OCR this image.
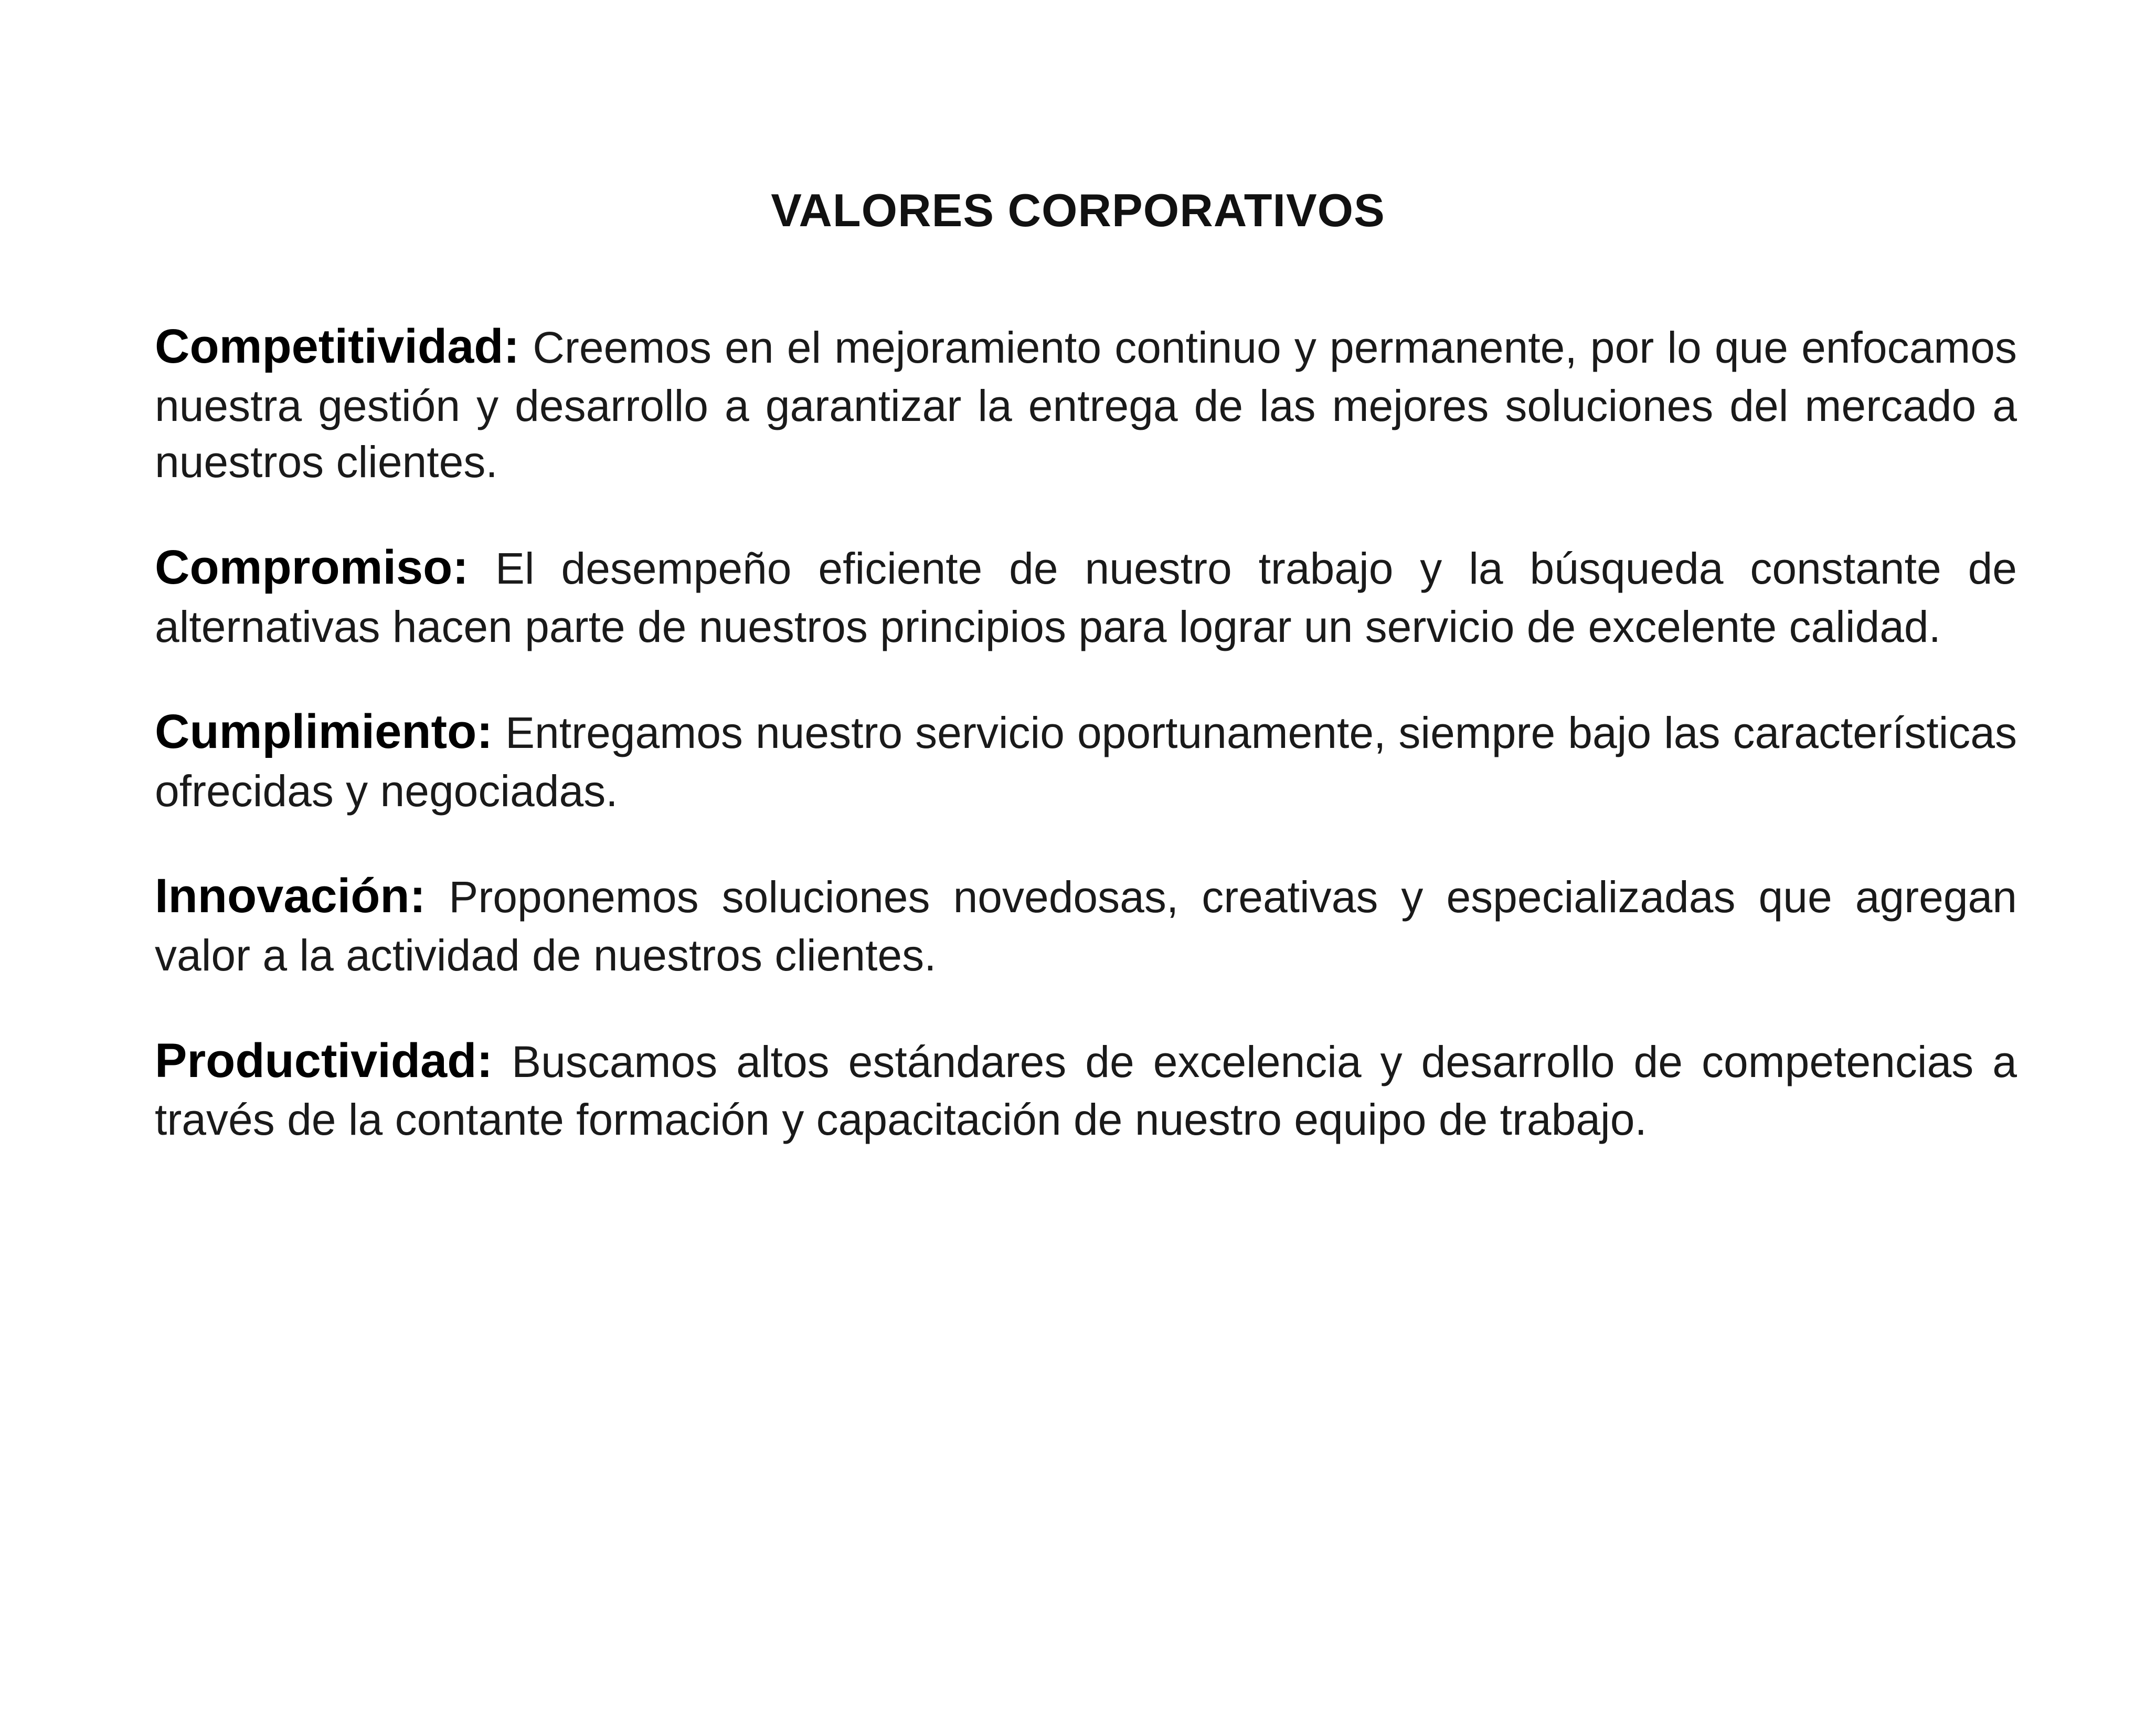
VALORES CORPORATIVOS

Competitividad: Creemos en el mejoramiento continuo y permanente, por lo que enfocamos nuestra gestión y desarrollo a garantizar la entrega de las mejores soluciones del mercado a nuestros clientes.

Compromiso: El desempeño eficiente de nuestro trabajo y la búsqueda constante de alternativas hacen parte de nuestros principios para lograr un servicio de excelente calidad.

Cumplimiento: Entregamos nuestro servicio oportunamente, siempre bajo las características ofrecidas y negociadas.

Innovación: Proponemos soluciones novedosas, creativas y especializadas que agregan valor a la actividad de nuestros clientes.

Productividad: Buscamos altos estándares de excelencia y desarrollo de competencias a través de la contante formación y capacitación de nuestro equipo de trabajo.
